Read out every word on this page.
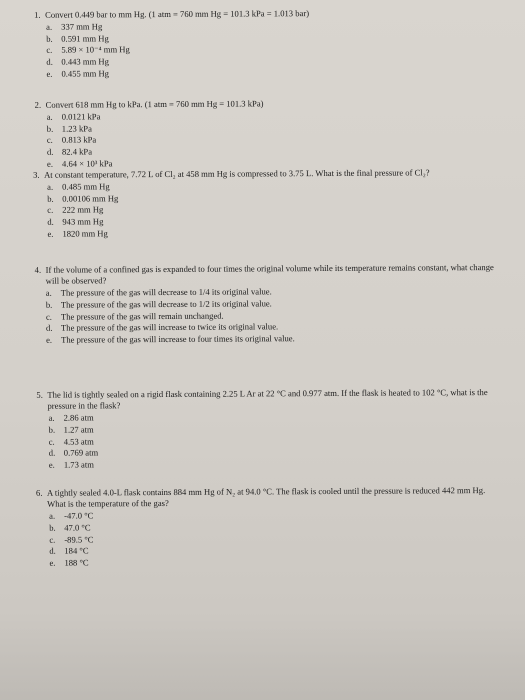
1. Convert 0.449 bar to mm Hg. (1 atm = 760 mm Hg = 101.3 kPa = 1.013 bar)
a.	337 mm Hg
b. 0.591 mm Hg
c.	5.89 × 10⁻⁴ mm Hg
d. 0.443 mm Hg
e.	0.455 mm Hg
2. Convert 618 mm Hg to kPa. (1 atm = 760 mm Hg = 101.3 kPa)
a.	0.0121 kPa
b. 1.23 kPa
c.	0.813 kPa
d. 82.4 kPa
e.	4.64 × 10³ kPa
3. At constant temperature, 7.72 L of Cl₂ at 458 mm Hg is compressed to 3.75 L. What is the final pressure of Cl₂?
a.	0.485 mm Hg
b. 0.00106 mm Hg
c.	222 mm Hg
d. 943 mm Hg
e.	1820 mm Hg
4. If the volume of a confined gas is expanded to four times the original volume while its temperature remains constant, what change will be observed?
a.	The pressure of the gas will decrease to 1/4 its original value.
b. The pressure of the gas will decrease to 1/2 its original value.
c.	The pressure of the gas will remain unchanged.
d. The pressure of the gas will increase to twice its original value.
e.	The pressure of the gas will increase to four times its original value.
5. The lid is tightly sealed on a rigid flask containing 2.25 L Ar at 22 °C and 0.977 atm. If the flask is heated to 102 °C, what is the pressure in the flask?
a.	2.86 atm
b. 1.27 atm
c.	4.53 atm
d. 0.769 atm
e.	1.73 atm
6. A tightly sealed 4.0-L flask contains 884 mm Hg of N₂ at 94.0 °C. The flask is cooled until the pressure is reduced 442 mm Hg. What is the temperature of the gas?
a.	-47.0 °C
b. 47.0 °C
c.	-89.5 °C
d. 184 °C
e.	188 °C
